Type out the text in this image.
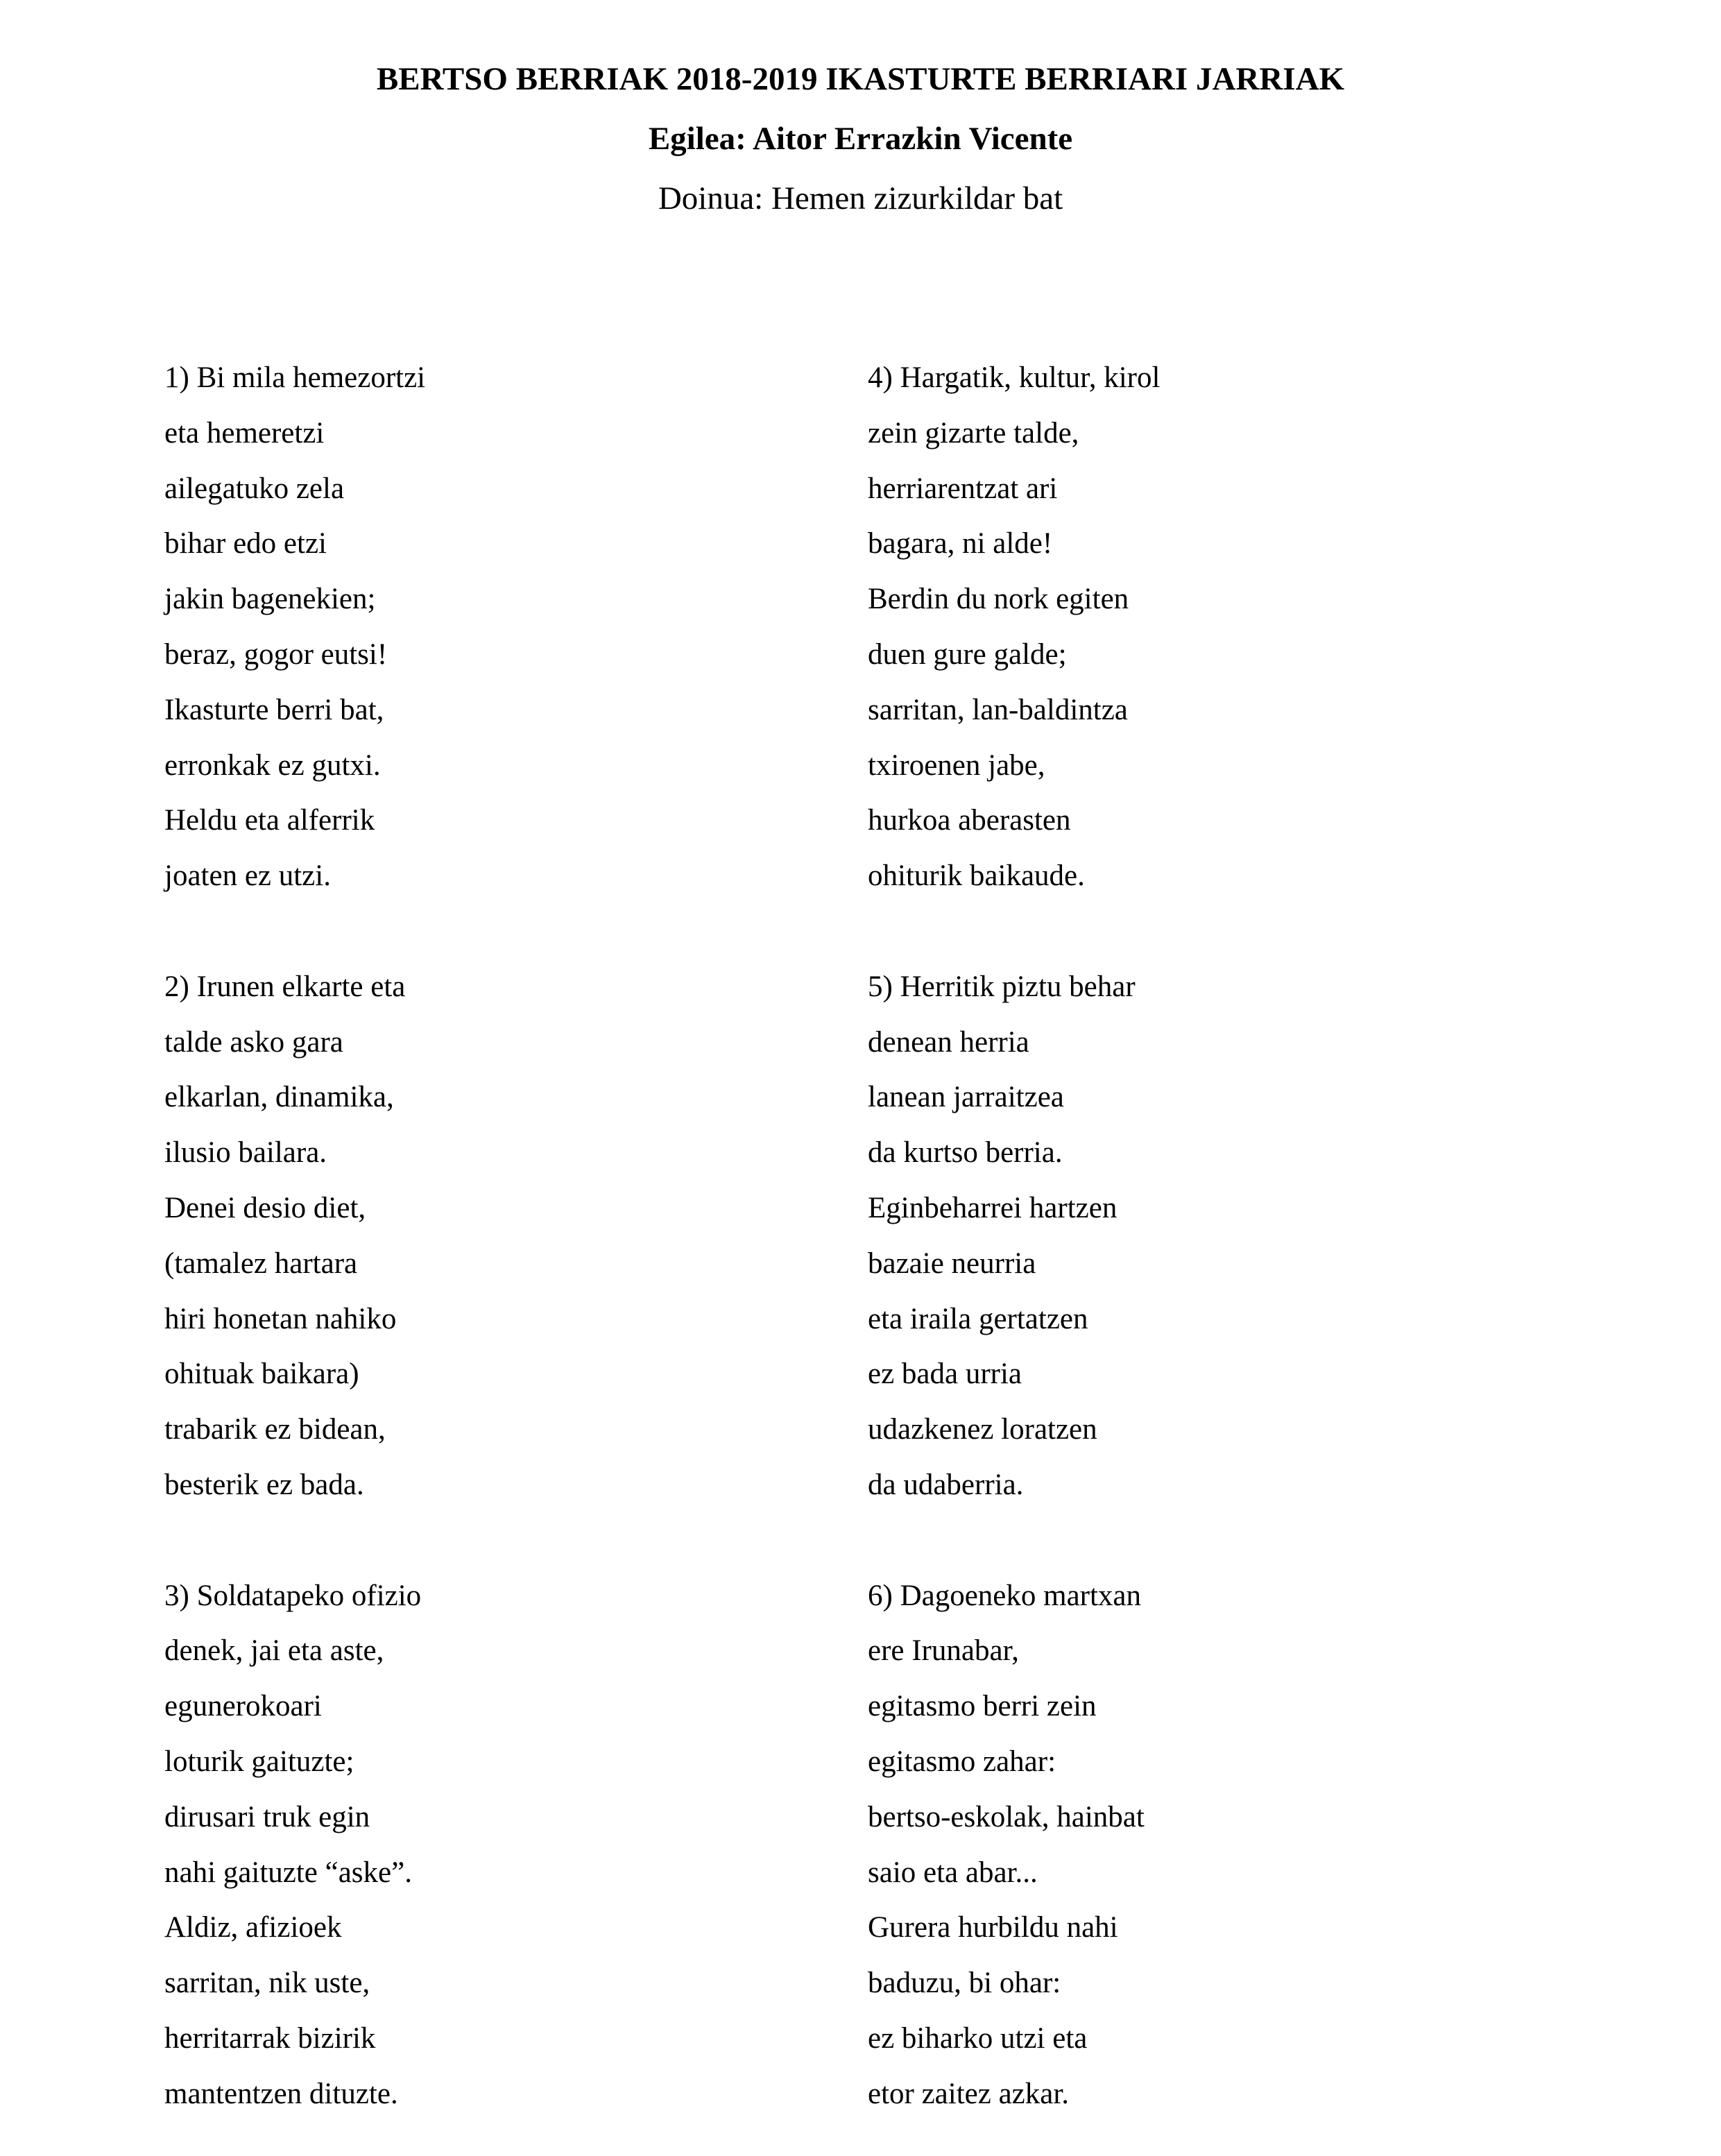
BERTSO BERRIAK 2018-2019 IKASTURTE BERRIARI JARRIAK
Egilea: Aitor Errazkin Vicente
Doinua: Hemen zizurkildar bat
1) Bi mila hemezortzi
eta hemeretzi
ailegatuko zela
bihar edo etzi
jakin bagenekien;
beraz, gogor eutsi!
Ikasturte berri bat,
erronkak ez gutxi.
Heldu eta alferrik
joaten ez utzi.
2) Irunen elkarte eta
talde asko gara
elkarlan, dinamika,
ilusio bailara.
Denei desio diet,
(tamalez hartara
hiri honetan nahiko
ohituak baikara)
trabarik ez bidean,
besterik ez bada.
3) Soldatapeko ofizio
denek, jai eta aste,
egunerokoari
loturik gaituzte;
dirusari truk egin
nahi gaituzte “aske”.
Aldiz, afizioek
sarritan, nik uste,
herritarrak bizirik
mantentzen dituzte.
4) Hargatik, kultur, kirol
zein gizarte talde,
herriarentzat ari
bagara, ni alde!
Berdin du nork egiten
duen gure galde;
sarritan, lan-baldintza
txiroenen jabe,
hurkoa aberasten
ohiturik baikaude.
5) Herritik piztu behar
denean herria
lanean jarraitzea
da kurtso berria.
Eginbeharrei hartzen
bazaie neurria
eta iraila gertatzen
ez bada urria
udazkenez loratzen
da udaberria.
6) Dagoeneko martxan
ere Irunabar,
egitasmo berri zein
egitasmo zahar:
bertso-eskolak, hainbat
saio eta abar...
Gurera hurbildu nahi
baduzu, bi ohar:
ez biharko utzi eta
etor zaitez azkar.
